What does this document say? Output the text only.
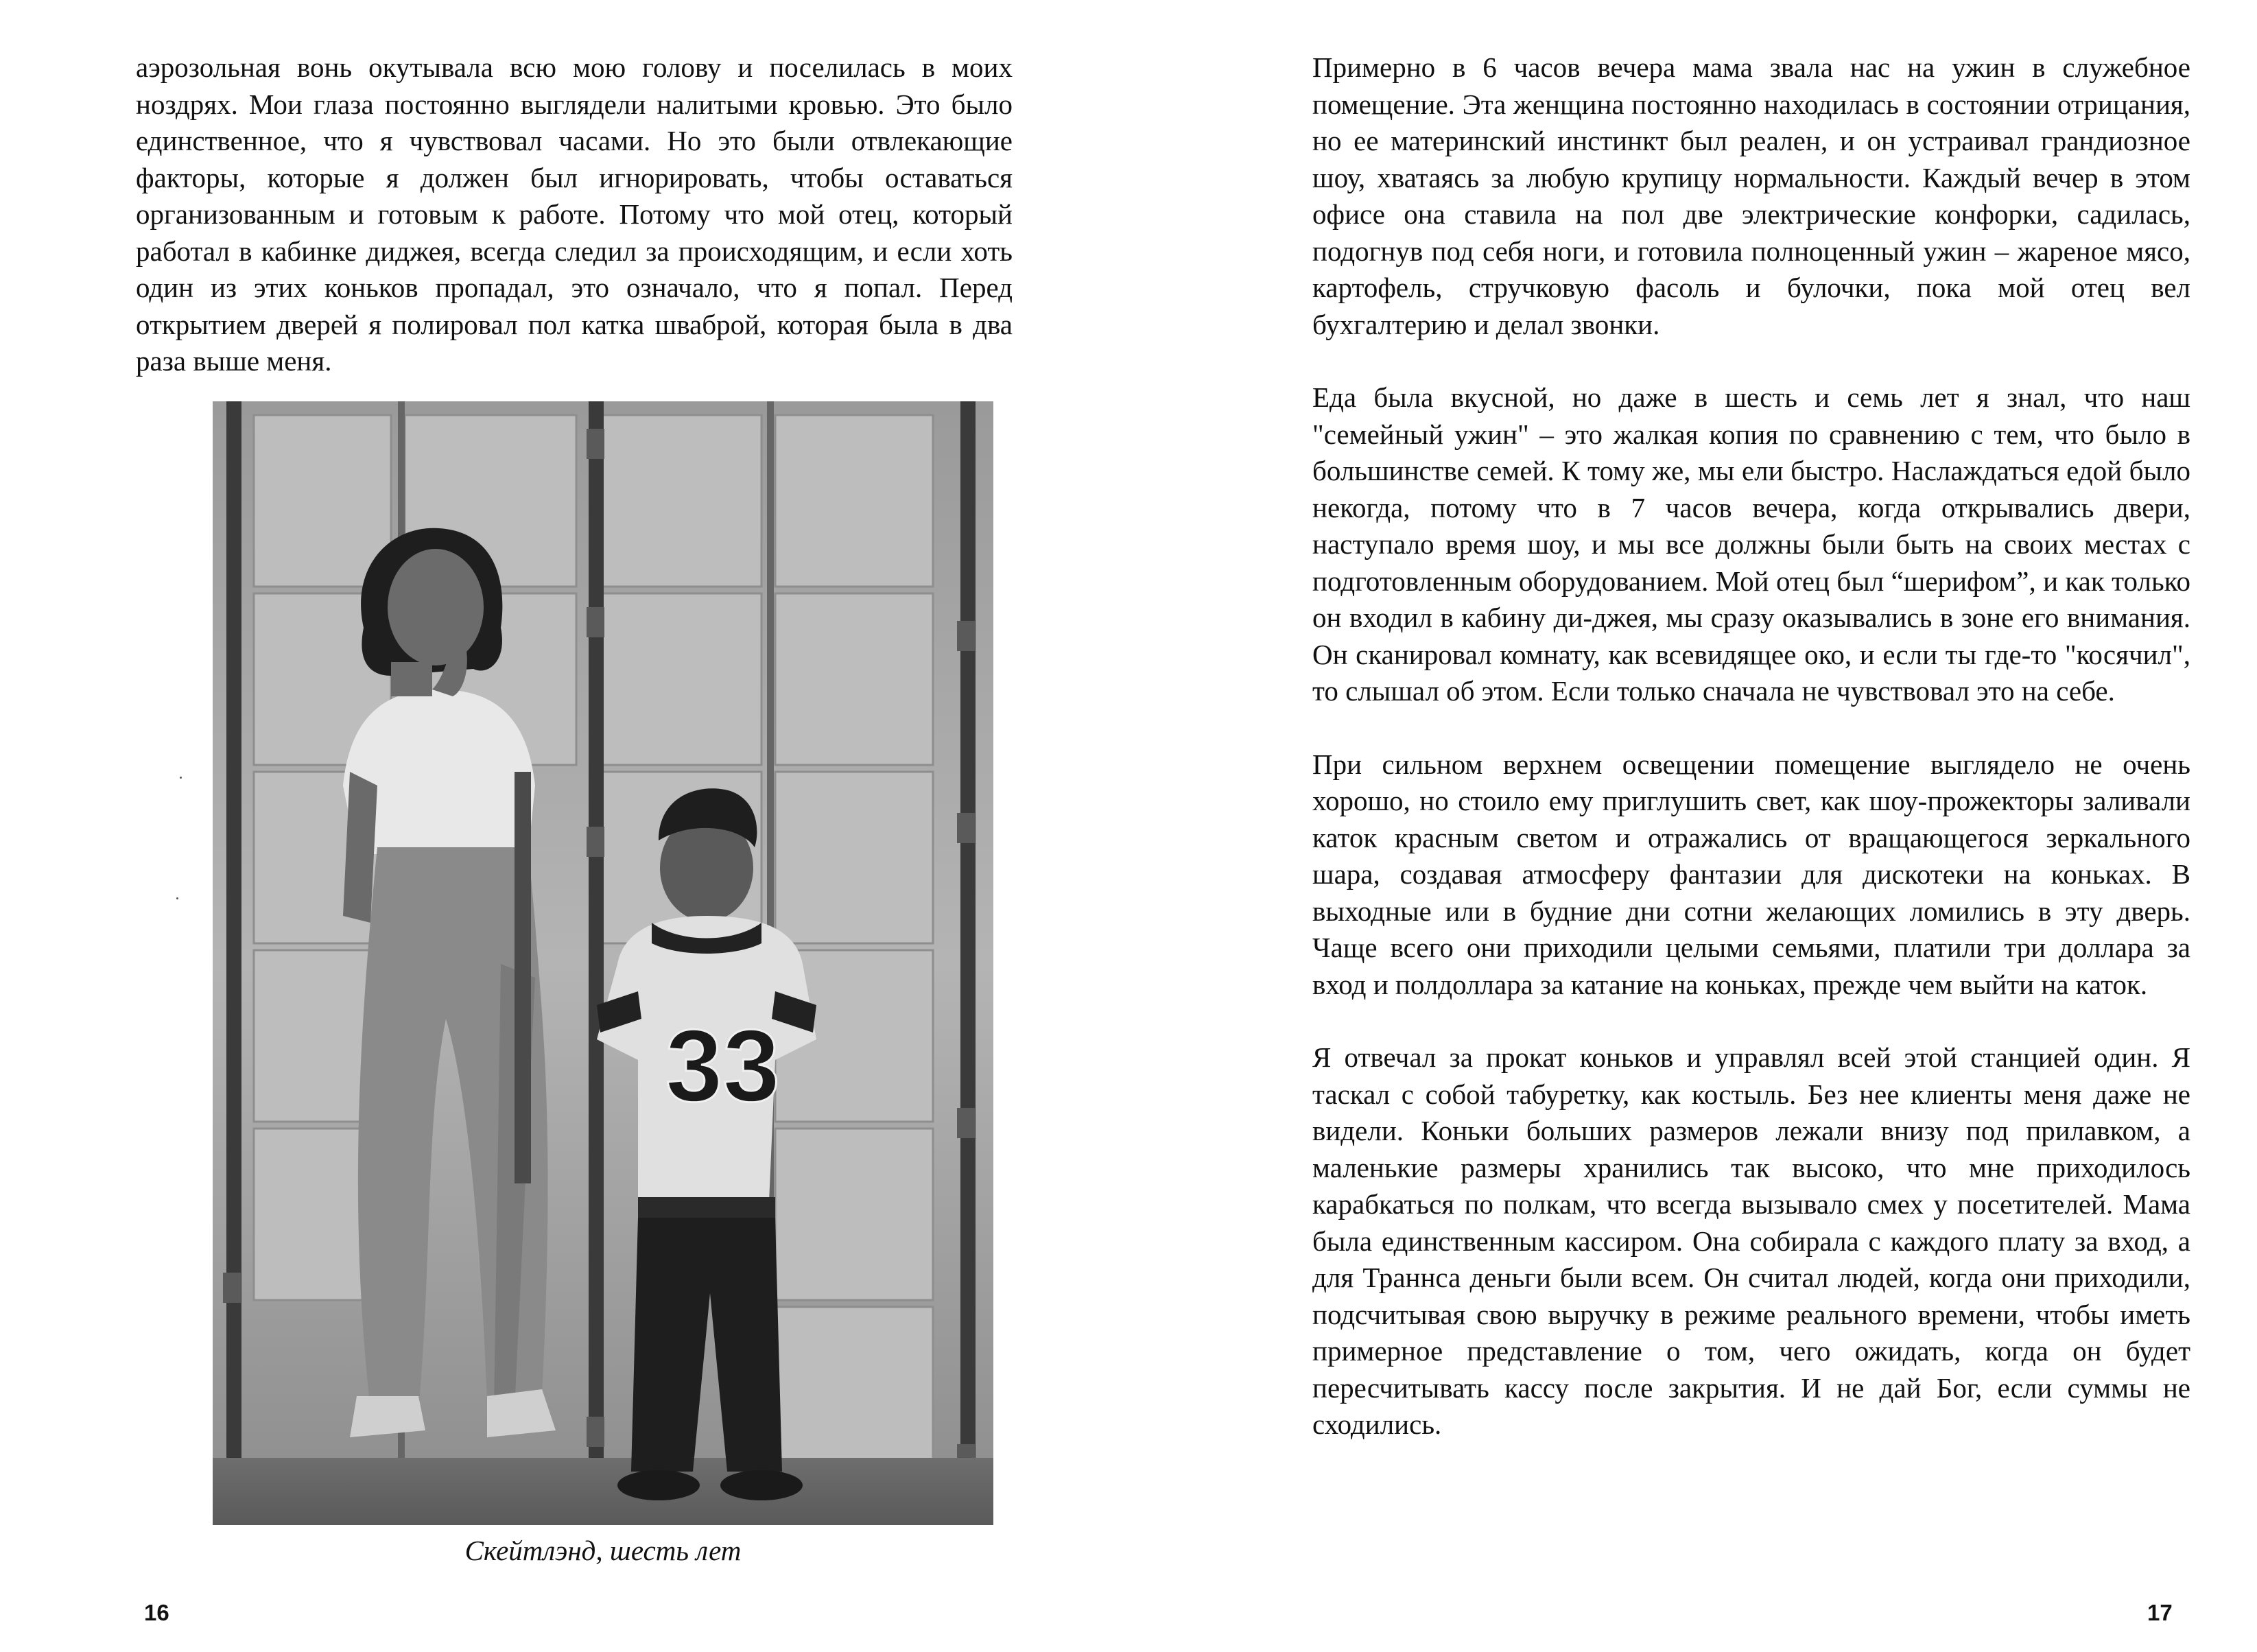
аэрозольная вонь окутывала всю мою голову и поселилась в моих ноздрях. Мои глаза постоянно выглядели налитыми кровью. Это было единственное, что я чувствовал часами. Но это были отвлекающие факторы, которые я должен был игнорировать, чтобы оставаться организованным и готовым к работе. Потому что мой отец, который работал в кабинке диджея, всегда следил за происходящим, и если хоть один из этих коньков пропадал, это означало, что я попал. Перед открытием дверей я полировал пол катка шваброй, которая была в два раза выше меня.

33
Скейтлэнд, шесть лет
16

Примерно в 6 часов вечера мама звала нас на ужин в служебное помещение. Эта женщина постоянно находилась в состоянии отрицания, но ее материнский инстинкт был реален, и он устраивал грандиозное шоу, хватаясь за любую крупицу нормальности. Каждый вечер в этом офисе она ставила на пол две электрические конфорки, садилась, подогнув под себя ноги, и готовила полноценный ужин – жареное мясо, картофель, стручковую фасоль и булочки, пока мой отец вел бухгалтерию и делал звонки.

Еда была вкусной, но даже в шесть и семь лет я знал, что наш "семейный ужин" – это жалкая копия по сравнению с тем, что было в большинстве семей. К тому же, мы ели быстро. Наслаждаться едой было некогда, потому что в 7 часов вечера, когда открывались двери, наступало время шоу, и мы все должны были быть на своих местах с подготовленным оборудованием. Мой отец был “шерифом”, и как только он входил в кабину ди-джея, мы сразу оказывались в зоне его внимания. Он сканировал комнату, как всевидящее око, и если ты где-то "косячил", то слышал об этом. Если только сначала не чувствовал это на себе.

При сильном верхнем освещении помещение выглядело не очень хорошо, но стоило ему приглушить свет, как шоу-прожекторы заливали каток красным светом и отражались от вращающегося зеркального шара, создавая атмосферу фантазии для дискотеки на коньках. В выходные или в будние дни сотни желающих ломились в эту дверь. Чаще всего они приходили целыми семьями, платили три доллара за вход и полдоллара за катание на коньках, прежде чем выйти на каток.

Я отвечал за прокат коньков и управлял всей этой станцией один. Я таскал с собой табуретку, как костыль. Без нее клиенты меня даже не видели. Коньки больших размеров лежали внизу под прилавком, а маленькие размеры хранились так высоко, что мне приходилось карабкаться по полкам, что всегда вызывало смех у посетителей. Мама была единственным кассиром. Она собирала с каждого плату за вход, а для Траннса деньги были всем. Он считал людей, когда они приходили, подсчитывая свою выручку в режиме реального времени, чтобы иметь примерное представление о том, чего ожидать, когда он будет пересчитывать кассу после закрытия. И не дай Бог, если суммы не сходились.

17
